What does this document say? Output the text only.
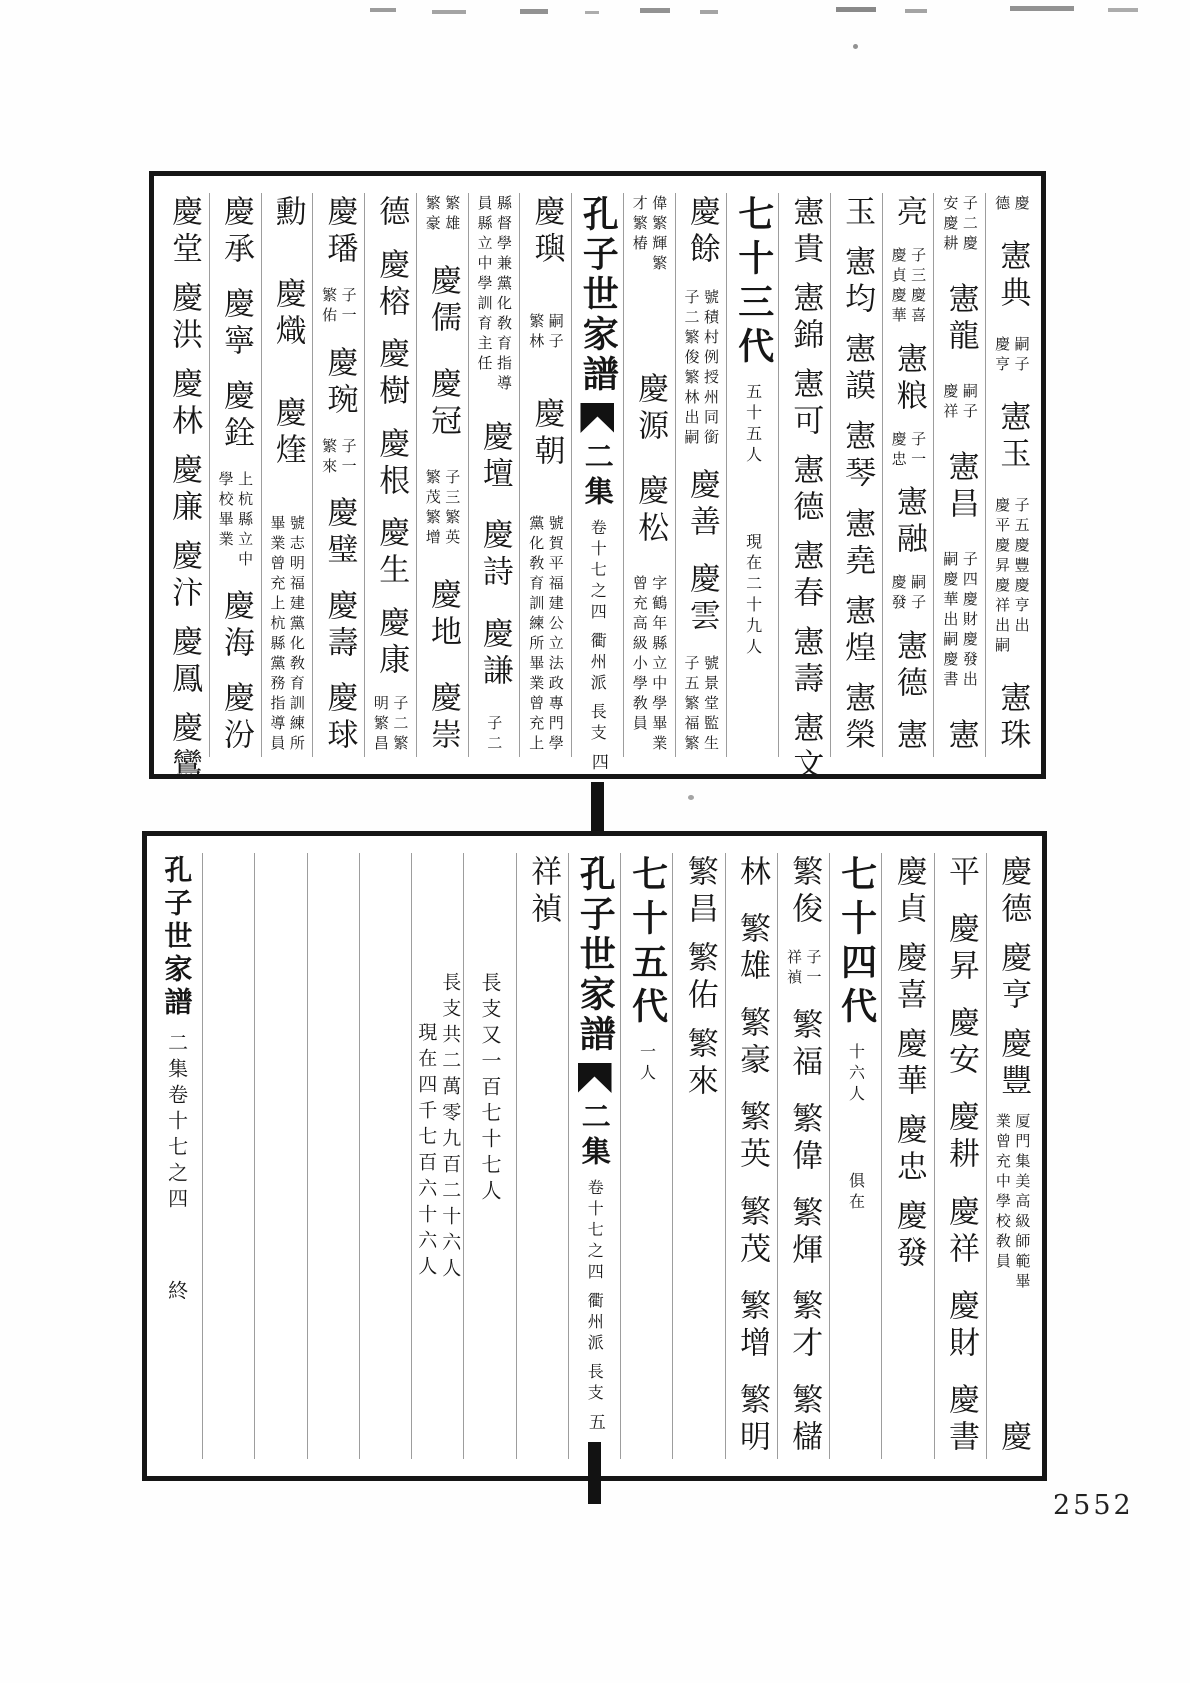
慶
德
憲典
嗣子
慶亨
憲玉
子五慶豐慶亨出
慶平慶昇慶祥出嗣
憲珠
子二慶
安慶耕
憲龍
嗣子
慶祥
憲昌
子四慶財慶發出
嗣慶華出嗣慶書
憲
亮
子三慶喜
慶貞慶華
憲粮
子一
慶忠
憲融
嗣子
慶發
憲德
憲
玉
憲均
憲謨
憲琴
憲堯
憲煌
憲榮
憲貴
憲錦
憲可
憲德
憲春
憲壽
憲文
七十三代
五十五人
現在二十九人
慶餘
號積村例授州同銜
子二繁俊繁林出嗣
慶善
慶雲
號景堂監生
子五繁福繁
偉繁輝繁
才繁椿
慶源
慶松
字鶴年縣立中學畢業
曾充高級小學敎員
孔子世家譜
二集
卷十七之四
衢州派
長支
四
慶璵
嗣子
繁林
慶朝
號賀平福建公立法政專門學
黨化敎育訓練所畢業曾充上
縣督學兼黨化敎育指導
員縣立中學訓育主任
慶壇
慶詩
慶謙
子二
繁雄
繁豪
慶儒
慶冠
子三繁英
繁茂繁增
慶地
慶崇
德
慶榕
慶樹
慶根
慶生
慶康
子二繁
明繁昌
慶璠
子一
繁佑
慶琬
子一
繁來
慶璧
慶壽
慶球
勳
慶熾
慶煃
號志明福建黨化敎育訓練所
畢業曾充上杭縣黨務指導員
慶承
慶寧
慶銓
上杭縣立中
學校畢業
慶海
慶汾
慶堂
慶洪
慶林
慶廉
慶汴
慶鳳
慶鸞
慶德
慶亨
慶豐
厦門集美高級師範畢
業曾充中學校敎員
慶
平
慶昇
慶安
慶耕
慶祥
慶財
慶書
慶貞
慶喜
慶華
慶忠
慶發
七十四代
十六人
俱在
繁俊
子一
祥禎
繁福
繁偉
繁煇
繁才
繁櫧
林
繁雄
繁豪
繁英
繁茂
繁增
繁明
繁昌
繁佑
繁來
七十五代
一人
孔子世家譜
二集
卷十七之四
衢州派
長支
五
祥禎
長支又一百七十七人
長支共二萬零九百二十六人
現在四千七百六十六人
孔子世家譜
二集卷十七之四
終
2552
